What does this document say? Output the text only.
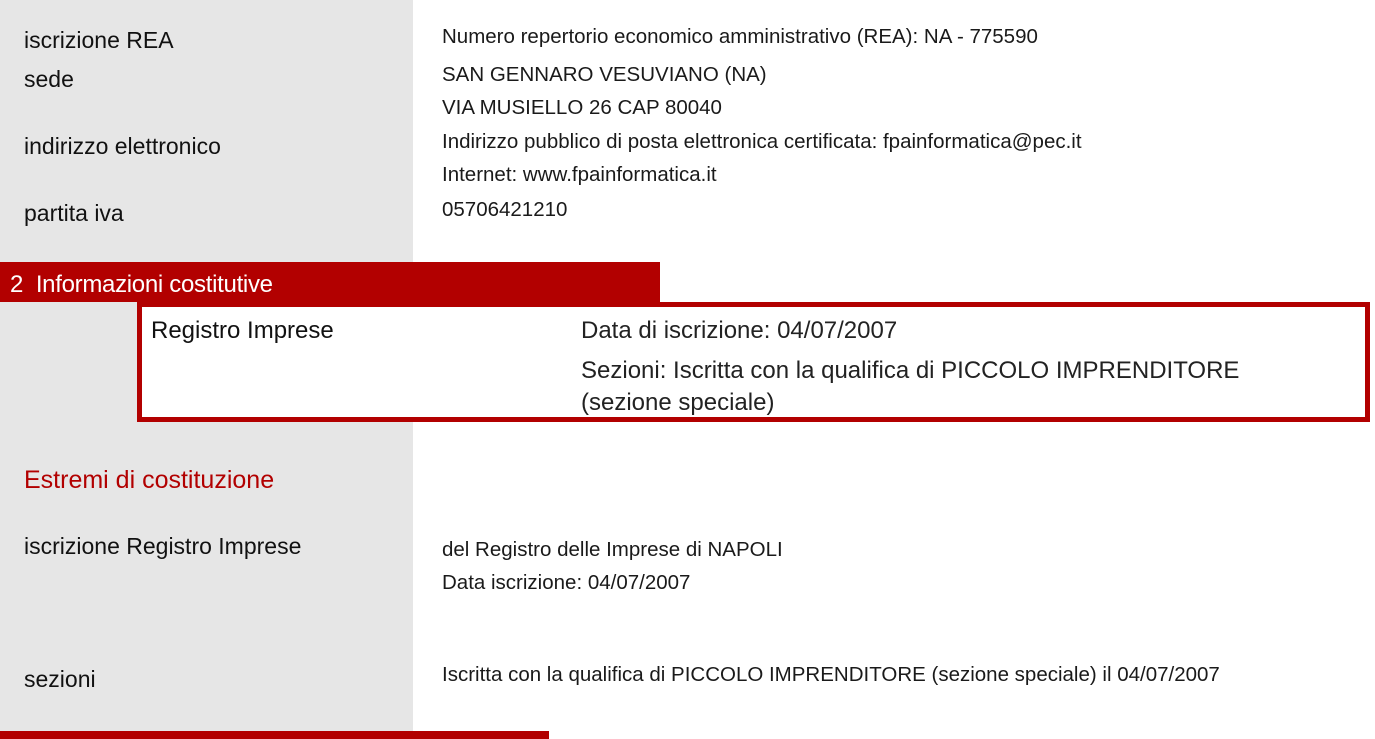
iscrizione REA	Numero repertorio economico amministrativo (REA): NA - 775590
sede	SAN GENNARO VESUVIANO (NA)
VIA MUSIELLO 26 CAP 80040
indirizzo elettronico	Indirizzo pubblico di posta elettronica certificata: fpainformatica@pec.it
Internet: www.fpainformatica.it
partita iva	05706421210
2 Informazioni costitutive
Registro Imprese	Data di iscrizione: 04/07/2007
Sezioni: Iscritta con la qualifica di PICCOLO IMPRENDITORE
(sezione speciale)
Estremi di costituzione
iscrizione Registro Imprese	del Registro delle Imprese di NAPOLI
Data iscrizione: 04/07/2007
sezioni	Iscritta con la qualifica di PICCOLO IMPRENDITORE (sezione speciale) il 04/07/2007
